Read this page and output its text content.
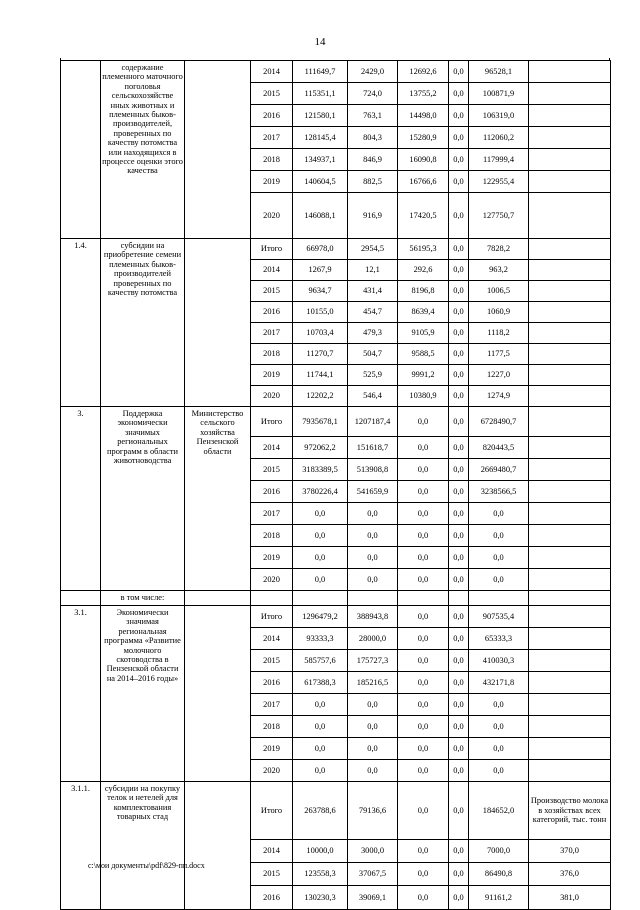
14
	содержание племенного маточного поголовья сельскохозяйстве нных животных и племенных быков-производителей, проверенных по качеству потомства или находящихся в процессе оценки этого качества		2014	111649,7	2429,0	12692,6	0,0	96528,1	
			2015	115351,1	724,0	13755,2	0,0	100871,9	
			2016	121580,1	763,1	14498,0	0,0	106319,0	
			2017	128145,4	804,3	15280,9	0,0	112060,2	
			2018	134937,1	846,9	16090,8	0,0	117999,4	
			2019	140604,5	882,5	16766,6	0,0	122955,4	
			2020	146088,1	916,9	17420,5	0,0	127750,7	
1.4.	субсидии на приобретение семени племенных быков-производителей проверенных по качеству потомства		Итого	66978,0	2954,5	56195,3	0,0	7828,2	
			2014	1267,9	12,1	292,6	0,0	963,2	
			2015	9634,7	431,4	8196,8	0,0	1006,5	
			2016	10155,0	454,7	8639,4	0,0	1060,9	
			2017	10703,4	479,3	9105,9	0,0	1118,2	
			2018	11270,7	504,7	9588,5	0,0	1177,5	
			2019	11744,1	525,9	9991,2	0,0	1227,0	
			2020	12202,2	546,4	10380,9	0,0	1274,9	
3.	Поддержка экономически значимых региональных программ в области животноводства	Министерство сельского хозяйства Пензенской области	Итого	7935678,1	1207187,4	0,0	0,0	6728490,7	
			2014	972062,2	151618,7	0,0	0,0	820443,5	
			2015	3183389,5	513908,8	0,0	0,0	2669480,7	
			2016	3780226,4	541659,9	0,0	0,0	3238566,5	
			2017	0,0	0,0	0,0	0,0	0,0	
			2018	0,0	0,0	0,0	0,0	0,0	
			2019	0,0	0,0	0,0	0,0	0,0	
			2020	0,0	0,0	0,0	0,0	0,0	
	в том числе:								
3.1.	Экономически значимая региональная программа «Развитие молочного скотоводства в Пензенской области на 2014–2016 годы»		Итого	1296479,2	388943,8	0,0	0,0	907535,4	
			2014	93333,3	28000,0	0,0	0,0	65333,3	
			2015	585757,6	175727,3	0,0	0,0	410030,3	
			2016	617388,3	185216,5	0,0	0,0	432171,8	
			2017	0,0	0,0	0,0	0,0	0,0	
			2018	0,0	0,0	0,0	0,0	0,0	
			2019	0,0	0,0	0,0	0,0	0,0	
			2020	0,0	0,0	0,0	0,0	0,0	
3.1.1.	субсидии на покупку телок и нетелей для комплектования товарных стад		Итого	263788,6	79136,6	0,0	0,0	184652,0	Производство молока в хозяйствах всех категорий, тыс. тонн
			2014	10000,0	3000,0	0,0	0,0	7000,0	370,0
			2015	123558,3	37067,5	0,0	0,0	86490,8	376,0
			2016	130230,3	39069,1	0,0	0,0	91161,2	381,0
c:\мои документы\pdf\829-пп.docx
